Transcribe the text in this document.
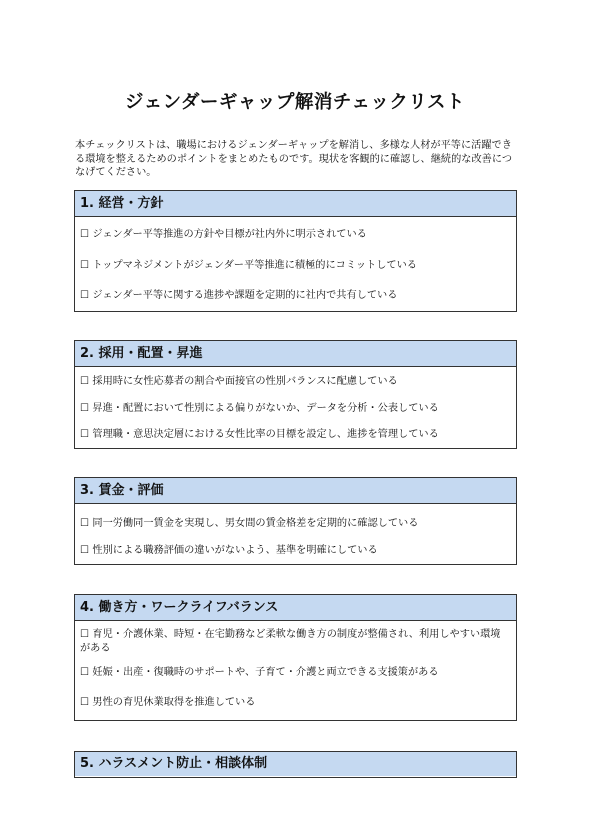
ジェンダーギャップ解消チェックリスト

本チェックリストは、職場におけるジェンダーギャップを解消し、多様な人材が平等に活躍できる環境を整えるためのポイントをまとめたものです。現状を客観的に確認し、継続的な改善につなげてください。

1. 経営・方針
☐ ジェンダー平等推進の方針や目標が社内外に明示されている
☐ トップマネジメントがジェンダー平等推進に積極的にコミットしている
☐ ジェンダー平等に関する進捗や課題を定期的に社内で共有している
2. 採用・配置・昇進
☐ 採用時に女性応募者の割合や面接官の性別バランスに配慮している
☐ 昇進・配置において性別による偏りがないか、データを分析・公表している
☐ 管理職・意思決定層における女性比率の目標を設定し、進捗を管理している
3. 賃金・評価
☐ 同一労働同一賃金を実現し、男女間の賃金格差を定期的に確認している
☐ 性別による職務評価の違いがないよう、基準を明確にしている
4. 働き方・ワークライフバランス
☐ 育児・介護休業、時短・在宅勤務など柔軟な働き方の制度が整備され、利用しやすい環境がある
☐ 妊娠・出産・復職時のサポートや、子育て・介護と両立できる支援策がある
☐ 男性の育児休業取得を推進している
5. ハラスメント防止・相談体制
